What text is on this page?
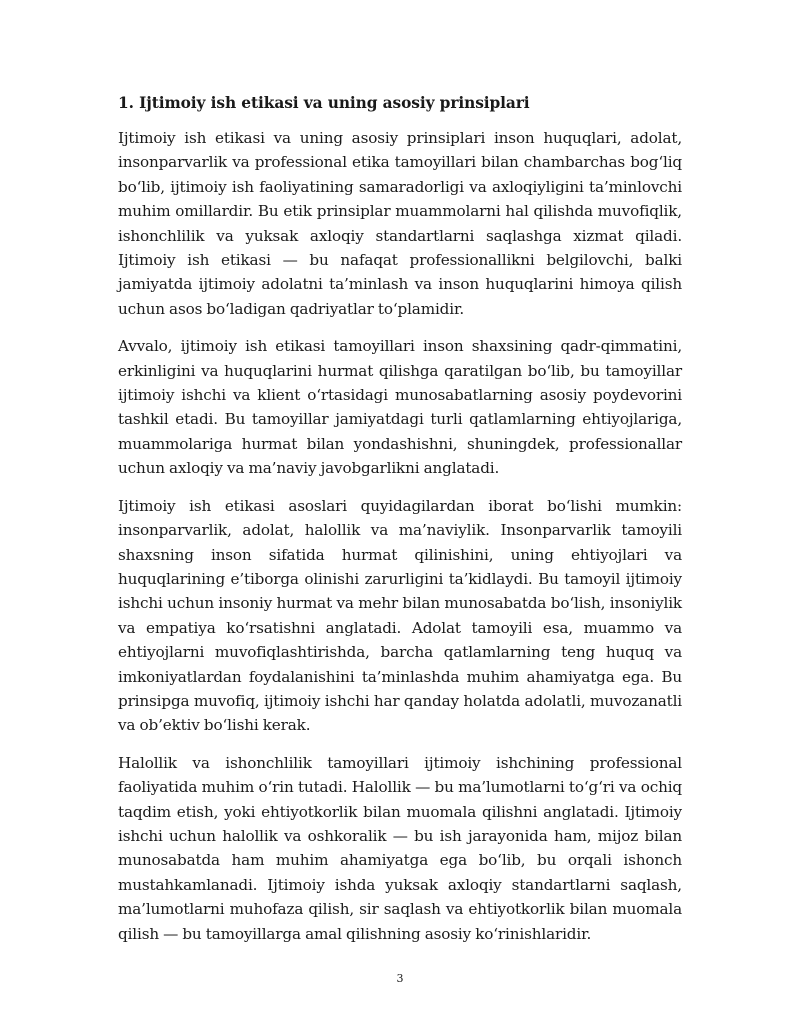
1. Ijtimoiy ish etikasi va uning asosiy prinsiplari

Ijtimoiy ish etikasi va uning asosiy prinsiplari inson huquqlari, adolat, insonparvarlik va professional etika tamoyillari bilan chambarchas bog‘liq bo‘lib, ijtimoiy ish faoliyatining samaradorligi va axloqiyligini ta’minlovchi muhim omillardir. Bu etik prinsiplar muammolarni hal qilishda muvofiqlik, ishonchlilik va yuksak axloqiy standartlarni saqlashga xizmat qiladi. Ijtimoiy ish etikasi — bu nafaqat professionallikni belgilovchi, balki jamiyatda ijtimoiy adolatni ta’minlash va inson huquqlarini himoya qilish uchun asos bo‘ladigan qadriyatlar to‘plamidir.

Avvalo, ijtimoiy ish etikasi tamoyillari inson shaxsining qadr-qimmatini, erkinligini va huquqlarini hurmat qilishga qaratilgan bo‘lib, bu tamoyillar ijtimoiy ishchi va klient o‘rtasidagi munosabatlarning asosiy poydevorini tashkil etadi. Bu tamoyillar jamiyatdagi turli qatlamlarning ehtiyojlariga, muammolariga hurmat bilan yondashishni, shuningdek, professionallar uchun axloqiy va ma’naviy javobgarlikni anglatadi.

Ijtimoiy ish etikasi asoslari quyidagilardan iborat bo‘lishi mumkin: insonparvarlik, adolat, halollik va ma’naviylik. Insonparvarlik tamoyili shaxsning inson sifatida hurmat qilinishini, uning ehtiyojlari va huquqlarining e’tiborga olinishi zarurligini ta’kidlaydi. Bu tamoyil ijtimoiy ishchi uchun insoniy hurmat va mehr bilan munosabatda bo‘lish, insoniylik va empatiya ko‘rsatishni anglatadi. Adolat tamoyili esa, muammo va ehtiyojlarni muvofiqlashtirishda, barcha qatlamlarning teng huquq va imkoniyatlardan foydalanishini ta’minlashda muhim ahamiyatga ega. Bu prinsipga muvofiq, ijtimoiy ishchi har qanday holatda adolatli, muvozanatli va ob’ektiv bo‘lishi kerak.

Halollik va ishonchlilik tamoyillari ijtimoiy ishchining professional faoliyatida muhim o‘rin tutadi. Halollik — bu ma’lumotlarni to‘g‘ri va ochiq taqdim etish, yoki ehtiyotkorlik bilan muomala qilishni anglatadi. Ijtimoiy ishchi uchun halollik va oshkoralik — bu ish jarayonida ham, mijoz bilan munosabatda ham muhim ahamiyatga ega bo‘lib, bu orqali ishonch mustahkamlanadi. Ijtimoiy ishda yuksak axloqiy standartlarni saqlash, ma’lumotlarni muhofaza qilish, sir saqlash va ehtiyotkorlik bilan muomala qilish — bu tamoyillarga amal qilishning asosiy ko‘rinishlaridir.

3
